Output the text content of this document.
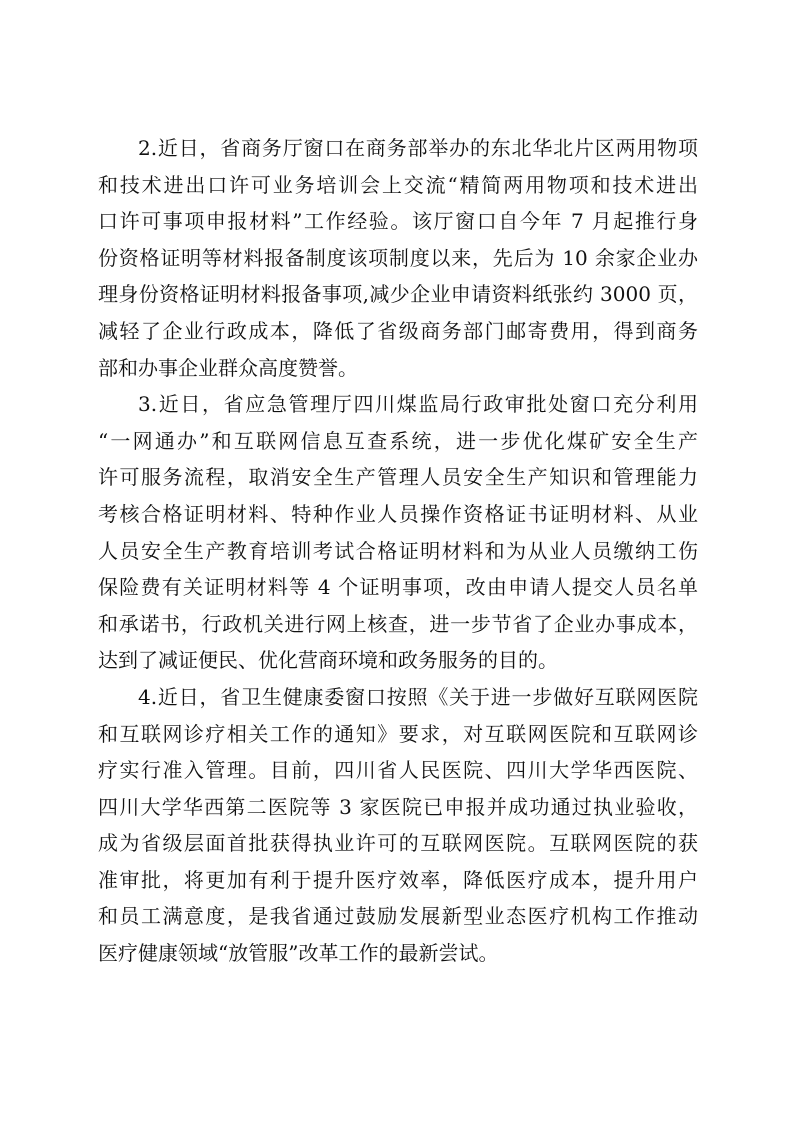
2.近日，省商务厅窗口在商务部举办的东北华北片区两用物项
和技术进出口许可业务培训会上交流“精简两用物项和技术进出
口许可事项申报材料”工作经验。该厅窗口自今年 7 月起推行身
份资格证明等材料报备制度该项制度以来，先后为 10 余家企业办
理身份资格证明材料报备事项,减少企业申请资料纸张约 3000 页，
减轻了企业行政成本，降低了省级商务部门邮寄费用，得到商务
部和办事企业群众高度赞誉。
3.近日，省应急管理厅四川煤监局行政审批处窗口充分利用
“一网通办”和互联网信息互查系统，进一步优化煤矿安全生产
许可服务流程，取消安全生产管理人员安全生产知识和管理能力
考核合格证明材料、特种作业人员操作资格证书证明材料、从业
人员安全生产教育培训考试合格证明材料和为从业人员缴纳工伤
保险费有关证明材料等 4 个证明事项，改由申请人提交人员名单
和承诺书，行政机关进行网上核查，进一步节省了企业办事成本，
达到了减证便民、优化营商环境和政务服务的目的。
4.近日，省卫生健康委窗口按照《关于进一步做好互联网医院
和互联网诊疗相关工作的通知》要求，对互联网医院和互联网诊
疗实行准入管理。目前，四川省人民医院、四川大学华西医院、
四川大学华西第二医院等 3 家医院已申报并成功通过执业验收，
成为省级层面首批获得执业许可的互联网医院。互联网医院的获
准审批，将更加有利于提升医疗效率，降低医疗成本，提升用户
和员工满意度，是我省通过鼓励发展新型业态医疗机构工作推动
医疗健康领域“放管服”改革工作的最新尝试。
